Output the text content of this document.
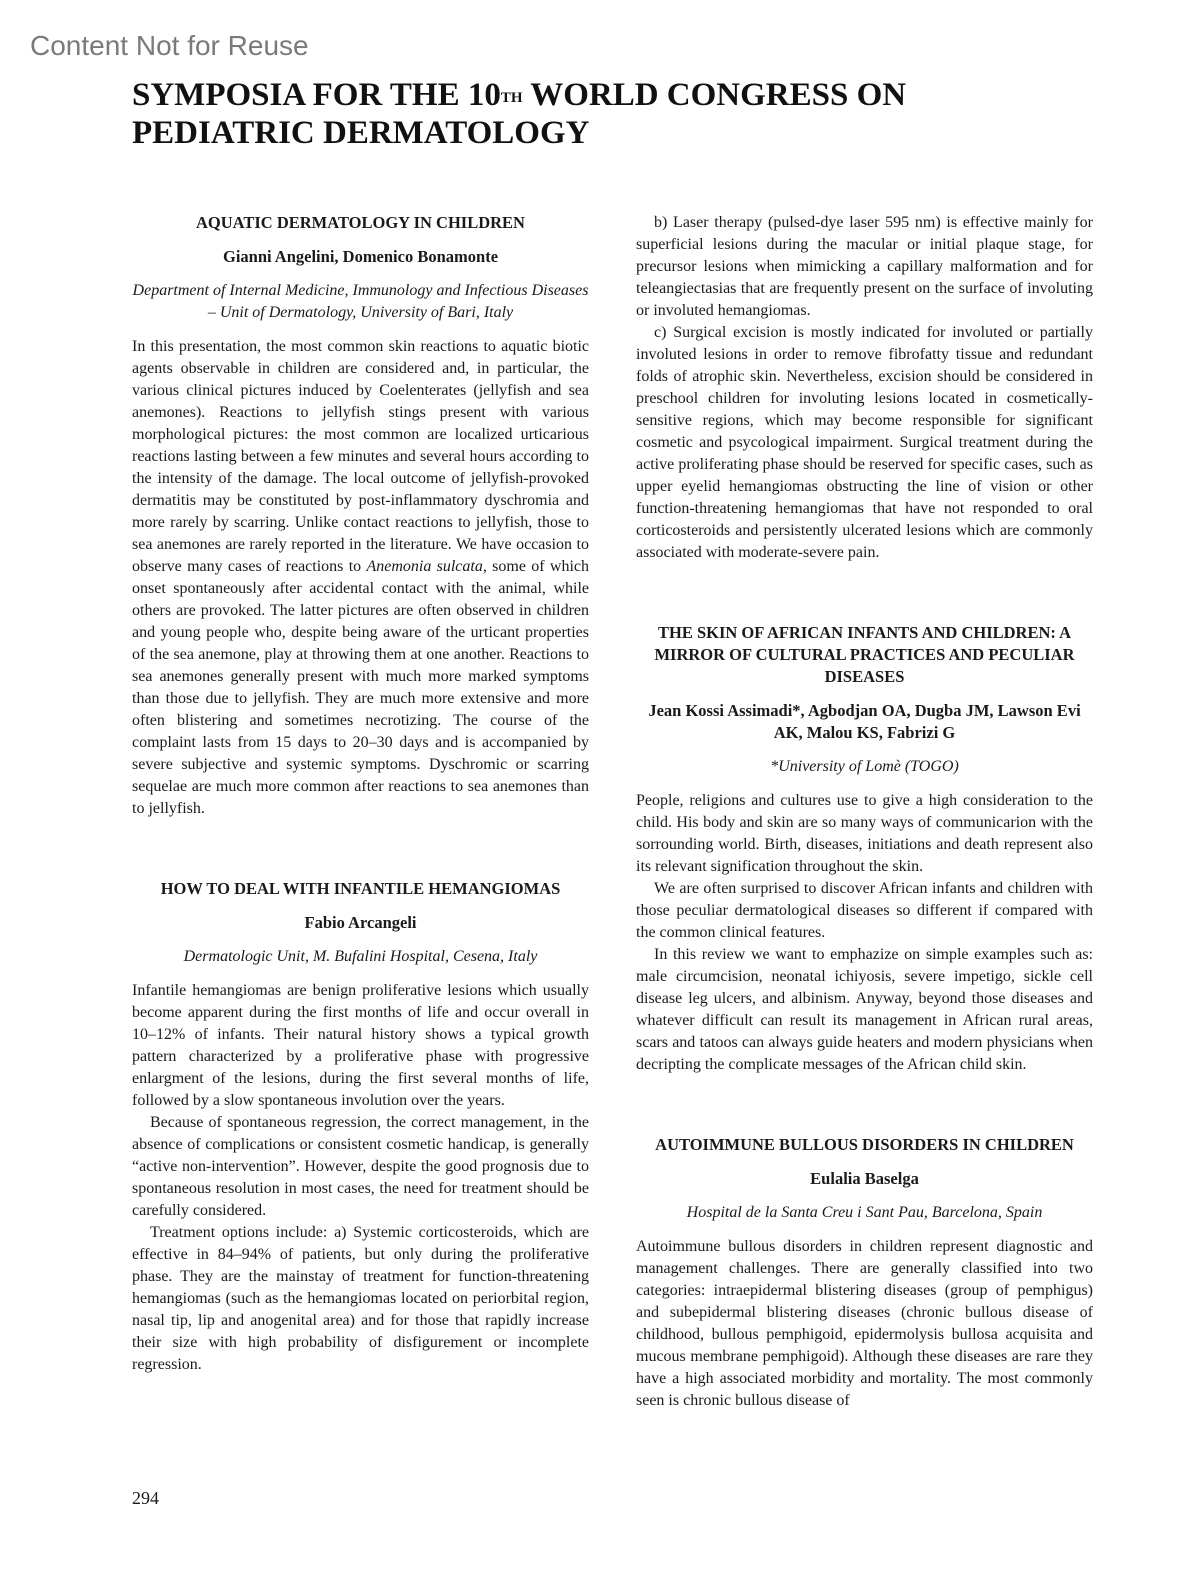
Content Not for Reuse
SYMPOSIA FOR THE 10TH WORLD CONGRESS ON PEDIATRIC DERMATOLOGY
AQUATIC DERMATOLOGY IN CHILDREN
Gianni Angelini, Domenico Bonamonte
Department of Internal Medicine, Immunology and Infectious Diseases – Unit of Dermatology, University of Bari, Italy

In this presentation, the most common skin reactions to aquatic biotic agents observable in children are considered and, in particular, the various clinical pictures induced by Coelenterates (jellyfish and sea anemones). Reactions to jellyfish stings present with various morphological pictures: the most common are localized urticarious reactions lasting between a few minutes and several hours according to the intensity of the damage. The local outcome of jellyfish-provoked dermatitis may be constituted by post-inflammatory dyschromia and more rarely by scarring. Unlike contact reactions to jellyfish, those to sea anemones are rarely reported in the literature. We have occasion to observe many cases of reactions to Anemonia sulcata, some of which onset spontaneously after accidental contact with the animal, while others are provoked. The latter pictures are often observed in children and young people who, despite being aware of the urticant properties of the sea anemone, play at throwing them at one another. Reactions to sea anemones generally present with much more marked symptoms than those due to jellyfish. They are much more extensive and more often blistering and sometimes necrotizing. The course of the complaint lasts from 15 days to 20–30 days and is accompanied by severe subjective and systemic symptoms. Dyschromic or scarring sequelae are much more common after reactions to sea anemones than to jellyfish.

HOW TO DEAL WITH INFANTILE HEMANGIOMAS
Fabio Arcangeli
Dermatologic Unit, M. Bufalini Hospital, Cesena, Italy

Infantile hemangiomas are benign proliferative lesions which usually become apparent during the first months of life and occur overall in 10–12% of infants. Their natural history shows a typical growth pattern characterized by a proliferative phase with progressive enlargment of the lesions, during the first several months of life, followed by a slow spontaneous involution over the years.

Because of spontaneous regression, the correct management, in the absence of complications or consistent cosmetic handicap, is generally “active non-intervention”. However, despite the good prognosis due to spontaneous resolution in most cases, the need for treatment should be carefully considered.

Treatment options include: a) Systemic corticosteroids, which are effective in 84–94% of patients, but only during the proliferative phase. They are the mainstay of treatment for function-threatening hemangiomas (such as the hemangiomas located on periorbital region, nasal tip, lip and anogenital area) and for those that rapidly increase their size with high probability of disfigurement or incomplete regression.

b) Laser therapy (pulsed-dye laser 595 nm) is effective mainly for superficial lesions during the macular or initial plaque stage, for precursor lesions when mimicking a capillary malformation and for teleangiectasias that are frequently present on the surface of involuting or involuted hemangiomas.

c) Surgical excision is mostly indicated for involuted or partially involuted lesions in order to remove fibrofatty tissue and redundant folds of atrophic skin. Nevertheless, excision should be considered in preschool children for involuting lesions located in cosmetically-sensitive regions, which may become responsible for significant cosmetic and psycological impairment. Surgical treatment during the active proliferating phase should be reserved for specific cases, such as upper eyelid hemangiomas obstructing the line of vision or other function-threatening hemangiomas that have not responded to oral corticosteroids and persistently ulcerated lesions which are commonly associated with moderate-severe pain.

THE SKIN OF AFRICAN INFANTS AND CHILDREN: A MIRROR OF CULTURAL PRACTICES AND PECULIAR DISEASES
Jean Kossi Assimadi*, Agbodjan OA, Dugba JM, Lawson Evi AK, Malou KS, Fabrizi G
*University of Lomè (TOGO)

People, religions and cultures use to give a high consideration to the child. His body and skin are so many ways of communicarion with the sorrounding world. Birth, diseases, initiations and death represent also its relevant signification throughout the skin.

We are often surprised to discover African infants and children with those peculiar dermatological diseases so different if compared with the common clinical features.

In this review we want to emphazize on simple examples such as: male circumcision, neonatal ichiyosis, severe impetigo, sickle cell disease leg ulcers, and albinism. Anyway, beyond those diseases and whatever difficult can result its management in African rural areas, scars and tatoos can always guide heaters and modern physicians when decripting the complicate messages of the African child skin.

AUTOIMMUNE BULLOUS DISORDERS IN CHILDREN
Eulalia Baselga
Hospital de la Santa Creu i Sant Pau, Barcelona, Spain

Autoimmune bullous disorders in children represent diagnostic and management challenges. There are generally classified into two categories: intraepidermal blistering diseases (group of pemphigus) and subepidermal blistering diseases (chronic bullous disease of childhood, bullous pemphigoid, epidermolysis bullosa acquisita and mucous membrane pemphigoid). Although these diseases are rare they have a high associated morbidity and mortality. The most commonly seen is chronic bullous disease of

294
